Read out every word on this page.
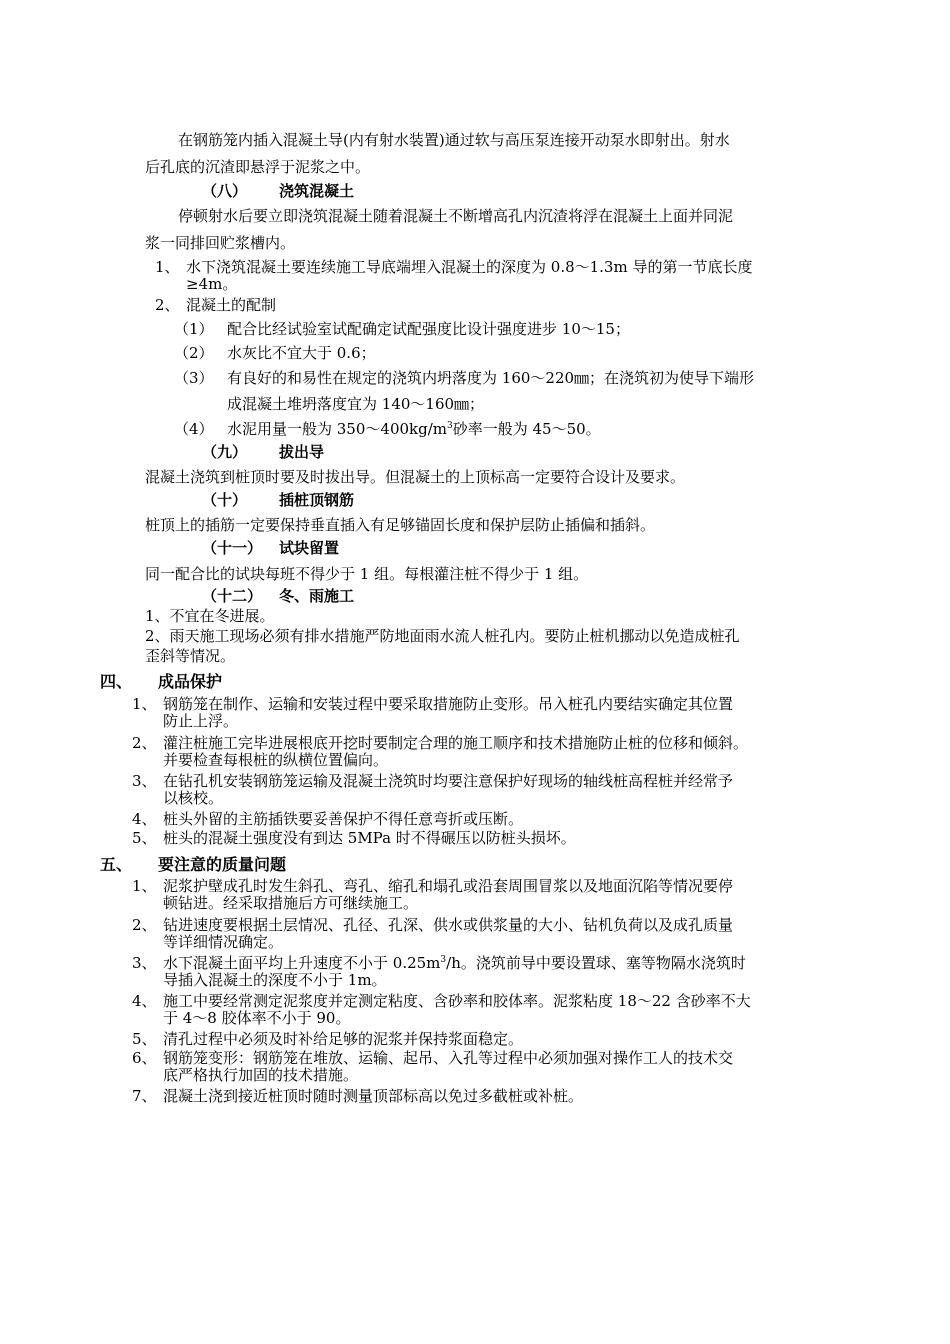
在钢筋笼内插入混凝土导(内有射水装置)通过软与高压泵连接开动泵水即射出。射水
后孔底的沉渣即悬浮于泥浆之中。
（八） 浇筑混凝土
停顿射水后要立即浇筑混凝土随着混凝土不断增高孔内沉渣将浮在混凝土上面并同泥
浆一同排回贮浆槽内。
1、 水下浇筑混凝土要连续施工导底端埋入混凝土的深度为 0.8～1.3m 导的第一节底长度
≥4m。
2、 混凝土的配制
（1） 配合比经试验室试配确定试配强度比设计强度进步 10～15；
（2） 水灰比不宜大于 0.6；
（3） 有良好的和易性在规定的浇筑内坍落度为 160～220㎜；在浇筑初为使导下端形
成混凝土堆坍落度宜为 140～160㎜；
（4） 水泥用量一般为 $350\sim 400kg/m^3$砂率一般为 45～50。
（九） 拔出导
混凝土浇筑到桩顶时要及时拔出导。但混凝土的上顶标高一定要符合设计及要求。
（十） 插桩顶钢筋
桩顶上的插筋一定要保持垂直插入有足够锚固长度和保护层防止插偏和插斜。
（十一） 试块留置
同一配合比的试块每班不得少于 1 组。每根灌注桩不得少于 1 组。
（十二） 冬、雨施工
1、不宜在冬进展。
2、雨天施工现场必须有排水措施严防地面雨水流人桩孔内。要防止桩机挪动以免造成桩孔
歪斜等情况。
四、 成品保护
1、 钢筋笼在制作、运输和安装过程中要采取措施防止变形。吊入桩孔内要结实确定其位置
防止上浮。
2、 灌注桩施工完毕进展根底开挖时要制定合理的施工顺序和技术措施防止桩的位移和倾斜。
并要检查每根桩的纵横位置偏向。
3、 在钻孔机安装钢筋笼运输及混凝土浇筑时均要注意保护好现场的轴线桩高程桩并经常予
以核校。
4、 桩头外留的主筋插铁要妥善保护不得任意弯折或压断。
5、 桩头的混凝土强度没有到达 5MPa 时不得碾压以防桩头损坏。
五、 要注意的质量问题
1、 泥浆护壁成孔时发生斜孔、弯孔、缩孔和塌孔或沿套周围冒浆以及地面沉陷等情况要停
顿钻进。经采取措施后方可继续施工。
2、 钻进速度要根据土层情况、孔径、孔深、供水或供浆量的大小、钻机负荷以及成孔质量
等详细情况确定。
3、 水下混凝土面平均上升速度不小于 $0.25m^3/h$。浇筑前导中要设置球、塞等物隔水浇筑时
导插入混凝土的深度不小于 1m。
4、 施工中要经常测定泥浆度并定测定粘度、含砂率和胶体率。泥浆粘度 18～22 含砂率不大
于 4～8 胶体率不小于 90。
5、 清孔过程中必须及时补给足够的泥浆并保持浆面稳定。
6、 钢筋笼变形：钢筋笼在堆放、运输、起吊、入孔等过程中必须加强对操作工人的技术交
底严格执行加固的技术措施。
7、 混凝土浇到接近桩顶时随时测量顶部标高以免过多截桩或补桩。
